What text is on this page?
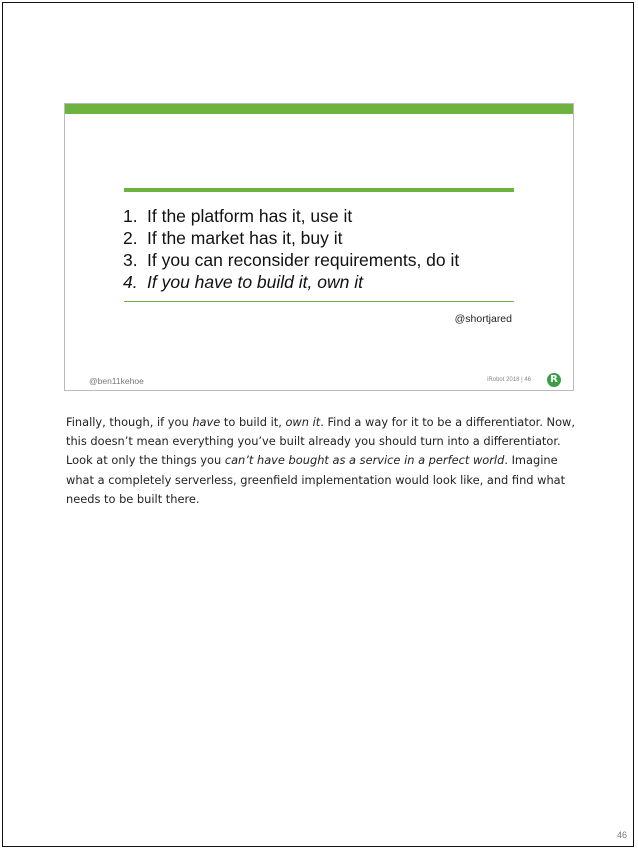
1. If the platform has it, use it
2. If the market has it, buy it
3. If you can reconsider requirements, do it
4. If you have to build it, own it
@shortjared
@ben11kehoe	iRobot 2018 | 46	R
Finally, though, if you have to build it, own it. Find a way for it to be a differentiator. Now, this doesn’t mean everything you’ve built already you should turn into a differentiator. Look at only the things you can’t have bought as a service in a perfect world. Imagine what a completely serverless, greenfield implementation would look like, and find what needs to be built there.
46
